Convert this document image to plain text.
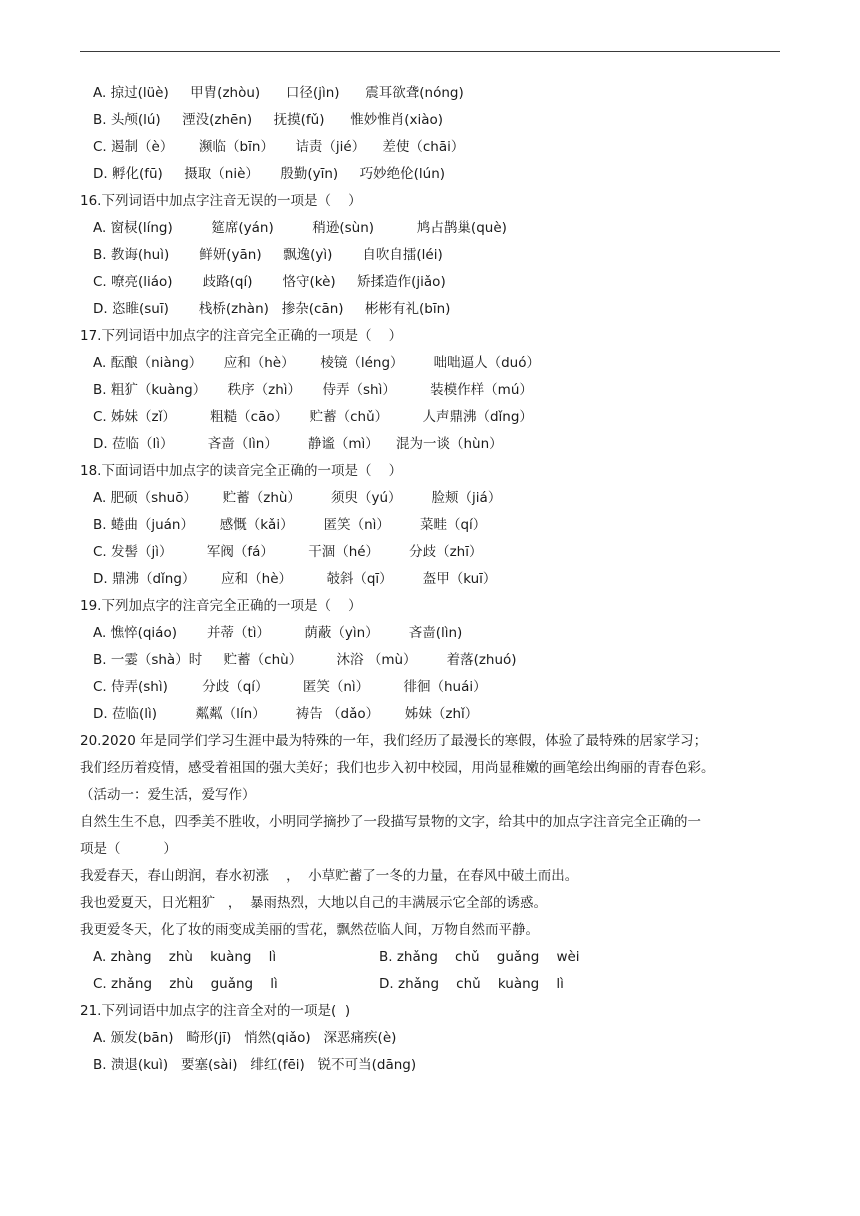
A. 掠过(lüè)     甲胄(zhòu)      口径(jìn)      震耳欲聋(nóng)
B. 头颅(lú)     湮没(zhēn)     抚摸(fǔ)      惟妙惟肖(xiào)
C. 遏制（è）      濒临（bīn）     诘责（jié）    差使（chāi）
D. 孵化(fū)     摄取（niè）     殷勤(yīn)     巧妙绝伦(lún)
16.下列词语中加点字注音无误的一项是（    ）
A. 窗棂(líng)         筵席(yán)         稍逊(sùn)          鸠占鹊巢(què)
B. 教诲(huì)       鲜妍(yān)     飘逸(yì)       自吹自擂(léi)
C. 嘹亮(liáo)       歧路(qí)       恪守(kè)     矫揉造作(jiǎo)
D. 恣睢(suī)       栈桥(zhàn)   掺杂(cān)     彬彬有礼(bīn)
17.下列词语中加点字的注音完全正确的一项是（    ）
A. 酝酿（niàng）     应和（hè）      棱镜（léng）       咄咄逼人（duó）
B. 粗犷（kuàng）     秩序（zhì）     侍弄（shì）        装模作样（mú）
C. 姊妹（zǐ）        粗糙（cāo）     贮蓄（chǔ）        人声鼎沸（dǐng）
D. 莅临（lì）        吝啬（lìn）       静谧（mì）    混为一谈（hùn）
18.下面词语中加点字的读音完全正确的一项是（    ）
A. 肥硕（shuō）      贮蓄（zhù）       须臾（yú）       脸颊（jiá）
B. 蜷曲（juán）      感慨（kǎi）       匿笑（nì）       菜畦（qí）
C. 发髻（jì）        军阀（fá）        干涸（hé）       分歧（zhī）
D. 鼎沸（dǐng）      应和（hè）        攲斜（qī）       盔甲（kuī）
19.下列加点字的注音完全正确的一项是（    ）
A. 憔悴(qiáo)       并蒂（tì）        荫蔽（yìn）       吝啬(lìn)
B. 一霎（shà）时     贮蓄（chù）        沐浴 （mù）       着落(zhuó)
C. 侍弄(shì)        分歧（qí）        匿笑（nì）        徘徊（huái）
D. 莅临(lì)         粼粼（lín）       祷告 （dǎo）      姊妹（zhǐ）
20.2020 年是同学们学习生涯中最为特殊的一年，我们经历了最漫长的寒假，体验了最特殊的居家学习；
我们经历着疫情，感受着祖国的强大美好；我们也步入初中校园，用尚显稚嫩的画笔绘出绚丽的青春色彩。
（活动一：爱生活，爱写作）
自然生生不息，四季美不胜收，小明同学摘抄了一段描写景物的文字，给其中的加点字注音完全正确的一
项是（          ）
我爱春天，春山朗润，春水初涨    ，  小草贮蓄了一冬的力量，在春风中破土而出。
我也爱夏天，日光粗犷   ，  暴雨热烈，大地以自己的丰满展示它全部的诱惑。
我更爱冬天，化了妆的雨变成美丽的雪花，飘然莅临人间，万物自然而平静。
A. zhàng    zhù    kuàng    lì	B. zhǎng    chǔ    guǎng    wèi
C. zhǎng    zhù    guǎng    lì	D. zhǎng    chǔ    kuàng    lì
21.下列词语中加点字的注音全对的一项是(  )
A. 颁发(bān)   畸形(jī)   悄然(qiǎo)   深恶痛疾(è)
B. 溃退(kuì)   要塞(sài)   绯红(fēi)   锐不可当(dāng)
